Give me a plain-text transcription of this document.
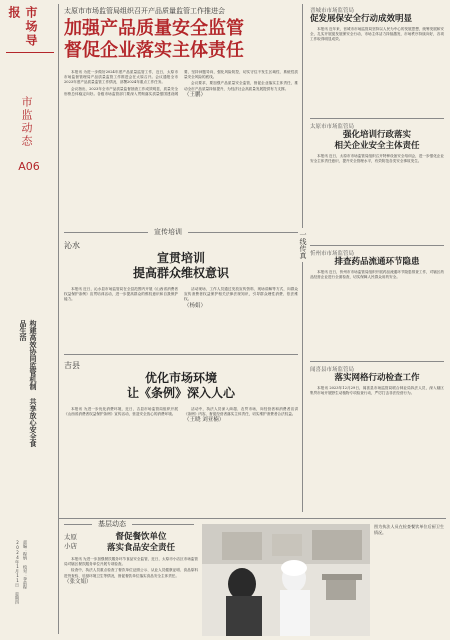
市场导报
市监动态
A06
构建高效协同监管机制 共享放心安全食品生活
2024年1月11日 星期四 责编：程炳 校对：李前程

太原市市场监管局组织召开产品质量监管工作推进会

加强产品质量安全监管

督促企业落实主体责任

本报讯 为进一步做好2024年度产品质量监管工作，近日，太原市市场监督管理局产品质量监管工作推进会在太原召开。会议通报全市2023年度产品质量监管工作情况，部署2024年重点工作任务。

会议指出，2023年全市产品质量监督抽查工作成效明显，质量安全形势总体稳定向好。各级市场监管部门要深入贯彻落实质量强国建设纲要，坚持问题导向，强化风险防控，切实守住不发生区域性、系统性质量安全风险的底线。

会议要求，要加强产品质量安全监管，督促企业落实主体责任，推动全市产品质量持续提升，为经济社会高质量发展提供有力支撑。

（王鹏）
宣传培训
沁水

宣贯培训

提高群众维权意识

本报讯 近日，沁水县市场监管局在全县范围内开展《山西省消费者权益保护条例》宣贯培训活动，进一步提高群众的维权意识和自我保护能力。

活动现场，工作人员通过发放宣传资料、现场讲解等方式，向群众宣传消费者权益保护相关法律法规知识，引导群众理性消费、依法维权。

（杨娟）
吉县

优化市场环境

让《条例》深入人心

本报讯 为进一步优化消费环境，近日，吉县市场监管局组织开展《山西省消费者权益保护条例》宣传活动，营造安全放心的消费环境。

活动中，执法人员深入商超、农贸市场，向经营者和消费者宣讲《条例》内容，督促经营者落实主体责任，切实维护消费者合法权益。

（王晓 刘亚楠）
晋城市市场监管局

促发展保安全行动成效明显

本报讯 近年来，晋城市市场监管局坚持以人民为中心的发展思想，统筹发展和安全，扎实开展促发展保安全行动，市场主体活力持续激发，市场秩序持续向好，各项工作取得明显成效。

太原市市场监管局

强化培训行政落实

相关企业安全主体责任

本报讯 近日，太原市市场监管局组织召开特种设备安全培训会，进一步强化企业安全主体责任意识，提升安全管理水平，有效防范各类安全事故发生。

忻州市市场监管局

排查药品流通环节隐患

本报讯 近日，忻州市市场监管局组织开展药品流通环节隐患排查工作，对辖区药品经营企业进行全面检查，切实保障人民群众用药安全。

闻喜县市场监管局

落实网格行动检查工作

本报讯 2023年12月29日，闻喜县市场监管局联合林业局执法人员，深入辖区集贸市场开展野生动植物专项检查行动，严厉打击非法经营行为。

一线传真
基层动态
太原
小店

督促餐饮单位

落实食品安全责任

本报讯 为进一步加强餐饮服务环节食品安全监管，近日，太原市小店区市场监管局对辖区餐饮服务单位开展专项检查。

检查中，执法人员重点检查了餐饮单位证照公示、从业人员健康证明、食品原料进货查验、后厨环境卫生等情况，督促餐饮单位落实食品安全主体责任。

（张文娟）
图为执法人员在检查餐饮单位后厨卫生情况。
